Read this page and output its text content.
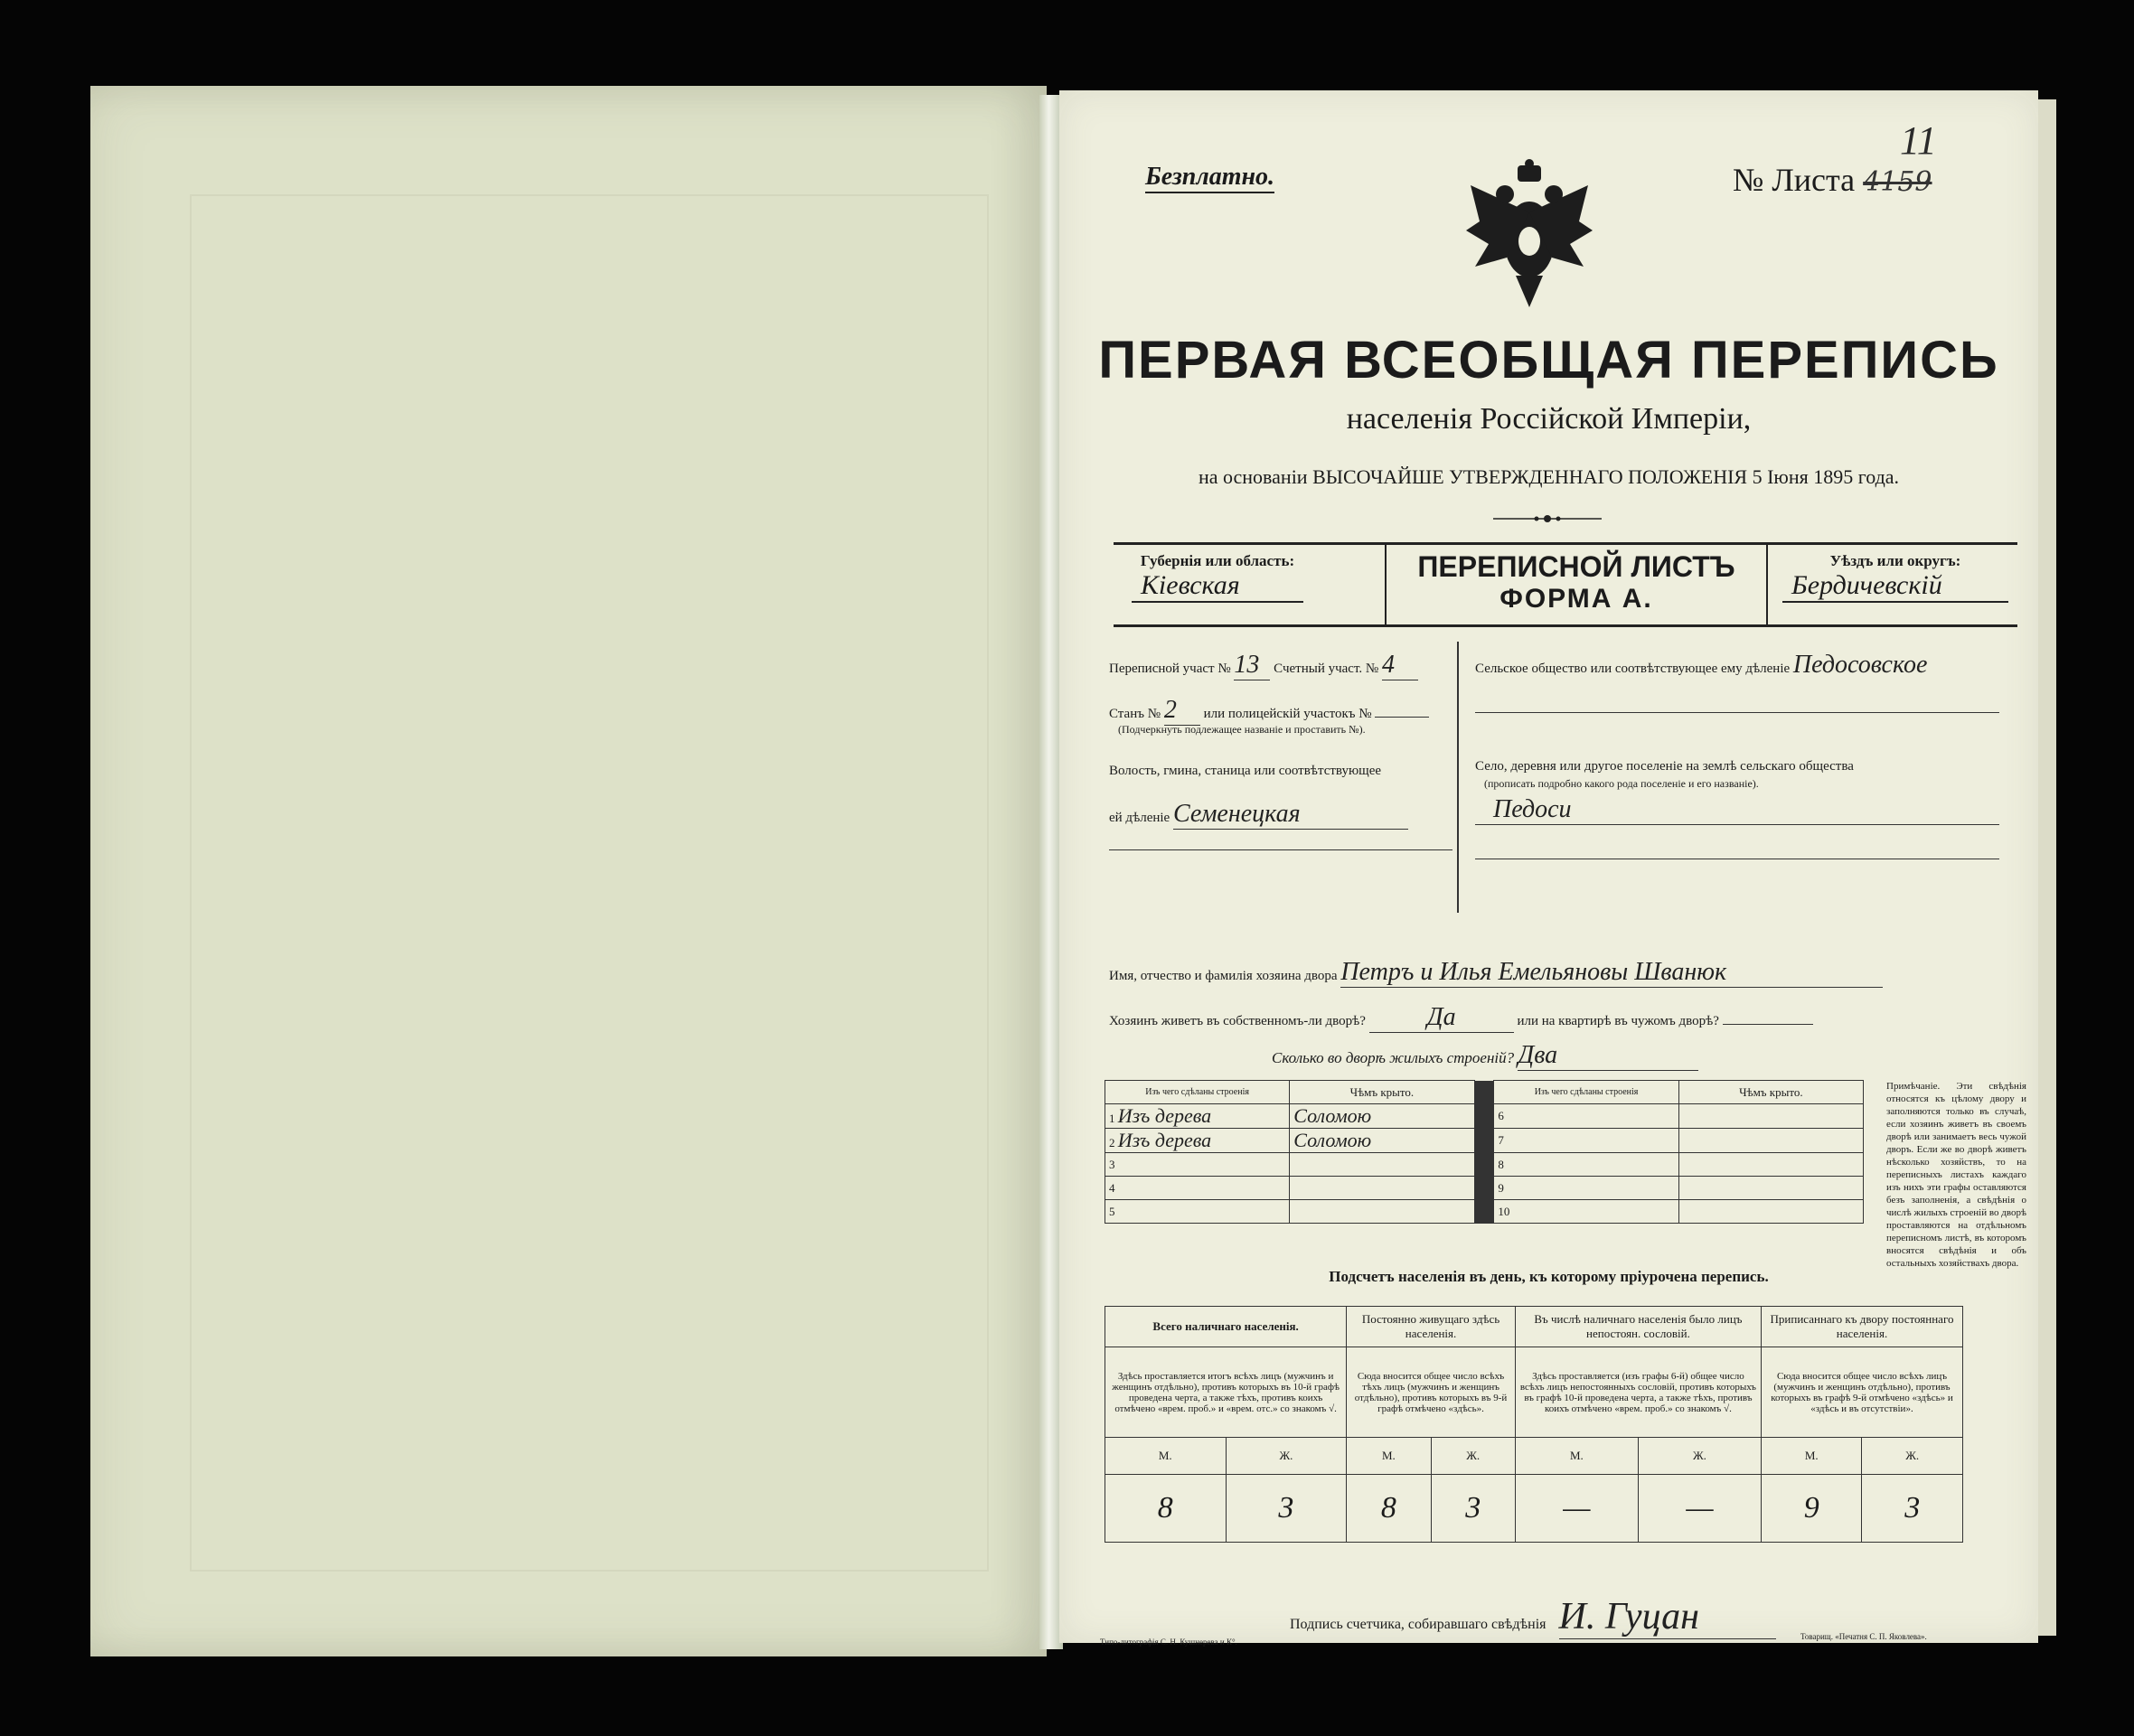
Безплатно.	№ Листа 4159
11
ПЕРВАЯ ВСЕОБЩАЯ ПЕРЕПИСЬ
населенія Россійской Имперіи,
на основаніи ВЫСОЧАЙШЕ УТВЕРЖДЕННАГО ПОЛОЖЕНІЯ 5 Іюня 1895 года.
Губернія или область:
Кіевская
ПЕРЕПИСНОЙ ЛИСТЪ
ФОРМА А.
Уѣздъ или округъ:
Бердичевскій
Переписной участ № 13 Счетный участ. № 4
Станъ № 2 или полицейскій участокъ №
(Подчеркнуть подлежащее названіе и проставить №).
Волость, гмина, станица или соотвѣтствующее
ей дѣленіе Семенецкая
Сельское общество или соотвѣтствующее ему дѣленіе Педосовское
Село, деревня или другое поселеніе на землѣ сельскаго общества
(прописать подробно какого рода поселеніе и его названіе).
Педоси
Имя, отчество и фамилія хозяина двора Петръ и Илья Емельяновы Шванюк
Хозяинъ живетъ въ собственномъ-ли дворѣ? Да	или на квартирѣ въ чужомъ дворѣ?
Сколько во дворѣ жилыхъ строеній? Два
Изъ чего сдѣланы строенія	Чѣмъ крыто.		Изъ чего сдѣланы строенія	Чѣмъ крыто.
1 Изъ дерева	Соломою		6	
2 Изъ дерева	Соломою		7	
3			8	
4			9	
5			10	
Примѣчаніе. Эти свѣдѣнія относятся къ цѣлому двору и заполняются только въ случаѣ, если хозяинъ живетъ въ своемъ дворѣ или занимаетъ весь чужой дворъ. Если же во дворѣ живетъ нѣсколько хозяйствъ, то на переписныхъ листахъ каждаго изъ нихъ эти графы оставляются безъ заполненія, а свѣдѣнія о числѣ жилыхъ строеній во дворѣ проставляются на отдѣльномъ переписномъ листѣ, въ которомъ вносятся свѣдѣнія и объ остальныхъ хозяйствахъ двора.
Подсчетъ населенія въ день, къ которому пріурочена перепись.
Всего наличнаго населенія.		Постоянно живущаго здѣсь населенія.		Въ числѣ наличнаго населенія было лицъ непостоян. сословій.		Приписаннаго къ двору постояннаго населенія.	
Здѣсь проставляется итогъ всѣхъ лицъ (мужчинъ и женщинъ отдѣльно), противъ которыхъ въ 10-й графѣ проведена черта, а также тѣхъ, противъ коихъ отмѣчено «врем. проб.» и «врем. отс.» со знакомъ √.		Сюда вносится общее число всѣхъ тѣхъ лицъ (мужчинъ и женщинъ отдѣльно), противъ которыхъ въ 9-й графѣ отмѣчено «здѣсь».		Здѣсь проставляется (изъ графы 6-й) общее число всѣхъ лицъ непостоянныхъ сословій, противъ которыхъ въ графѣ 10-й проведена черта, а также тѣхъ, противъ коихъ отмѣчено «врем. проб.» со знакомъ √.		Сюда вносится общее число всѣхъ лицъ (мужчинъ и женщинъ отдѣльно), противъ которыхъ въ графѣ 9-й отмѣчено «здѣсь» и «здѣсь и въ отсутствіи».	
М.	Ж.	М.	Ж.	М.	Ж.	М.	Ж.
8	3	8	3	—	—	9	3
Подпись счетчика, собиравшаго свѣдѣнія И. Гуцан
Типо-литографія С. Н. Кушнерева и К°.
Товарищ. «Печатня С. П. Яковлева».
